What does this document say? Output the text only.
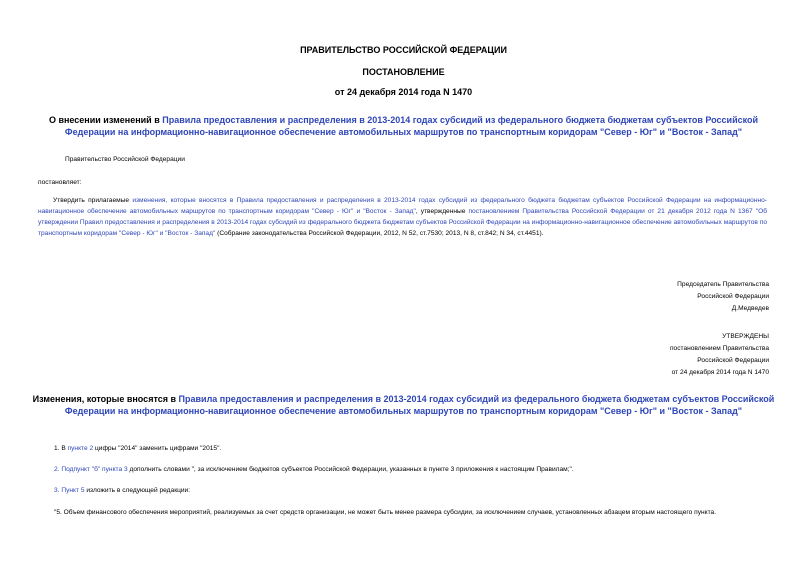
ПРАВИТЕЛЬСТВО РОССИЙСКОЙ ФЕДЕРАЦИИ
ПОСТАНОВЛЕНИЕ
от 24 декабря 2014 года N 1470
О внесении изменений в Правила предоставления и распределения в 2013-2014 годах субсидий из федерального бюджета бюджетам субъектов Российской Федерации на информационно-навигационное обеспечение автомобильных маршрутов по транспортным коридорам "Север - Юг" и "Восток - Запад"
Правительство Российской Федерации
постановляет:
Утвердить прилагаемые изменения, которые вносятся в Правила предоставления и распределения в 2013-2014 годах субсидий из федерального бюджета бюджетам субъектов Российской Федерации на информационно-навигационное обеспечение автомобильных маршрутов по транспортным коридорам "Север - Юг" и "Восток - Запад", утвержденные постановлением Правительства Российской Федерации от 21 декабря 2012 года N 1367 "Об утверждении Правил предоставления и распределения в 2013-2014 годах субсидий из федерального бюджета бюджетам субъектов Российской Федерации на информационно-навигационное обеспечение автомобильных маршрутов по транспортным коридорам "Север - Юг" и "Восток - Запад" (Собрание законодательства Российской Федерации, 2012, N 52, ст.7530; 2013, N 8, ст.842; N 34, ст.4451).
Председатель Правительства
Российской Федерации
Д.Медведев
УТВЕРЖДЕНЫ
постановлением Правительства
Российской Федерации
от 24 декабря 2014 года N 1470
Изменения, которые вносятся в Правила предоставления и распределения в 2013-2014 годах субсидий из федерального бюджета бюджетам субъектов Российской Федерации на информационно-навигационное обеспечение автомобильных маршрутов по транспортным коридорам "Север - Юг" и "Восток - Запад"
1. В пункте 2 цифры "2014" заменить цифрами "2015".
2. Подпункт "б" пункта 3 дополнить словами ", за исключением бюджетов субъектов Российской Федерации, указанных в пункте 3 приложения к настоящим Правилам;".
3. Пункт 5 изложить в следующей редакции:
"5. Объем финансового обеспечения мероприятий, реализуемых за счет средств организации, не может быть менее размера субсидии, за исключением случаев, установленных абзацем вторым настоящего пункта.
